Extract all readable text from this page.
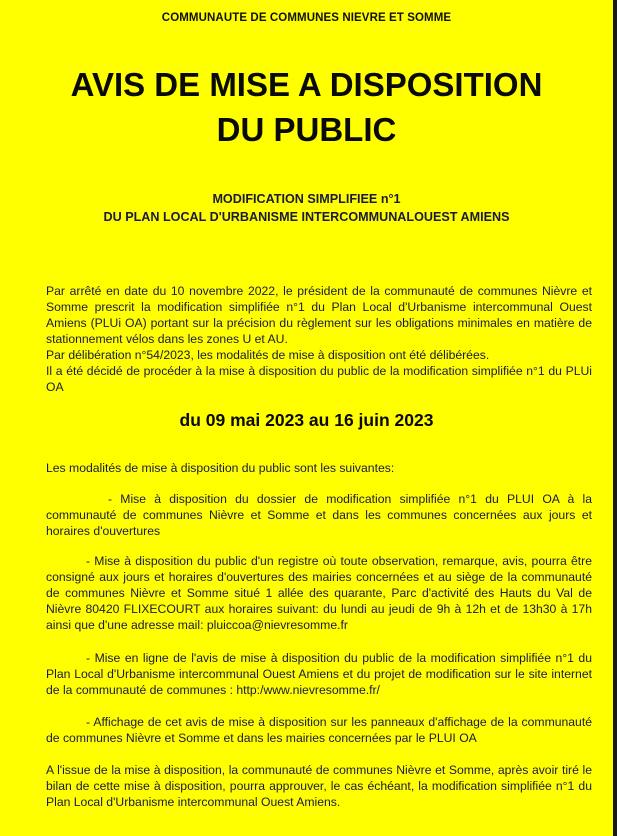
COMMUNAUTE DE COMMUNES NIEVRE ET SOMME
AVIS DE MISE A DISPOSITION
DU PUBLIC
MODIFICATION SIMPLIFIEE n°1
DU PLAN LOCAL D'URBANISME INTERCOMMUNALOUEST AMIENS

Par arrêté en date du 10 novembre 2022, le président de la communauté de communes Nièvre et Somme prescrit la modification simplifiée n°1 du Plan Local d'Urbanisme intercommunal Ouest Amiens (PLUi OA) portant sur la précision du règlement sur les obligations minimales en matière de stationnement vélos dans les zones U et AU.

Par délibération n°54/2023, les modalités de mise à disposition ont été délibérées.

Il a été décidé de procéder à la mise à disposition du public de la modification simplifiée n°1 du PLUi OA

du 09 mai 2023 au 16 juin 2023
Les modalités de mise à disposition du public sont les suivantes:
- Mise à disposition du dossier de modification simplifiée n°1 du PLUI OA à la communauté de communes Nièvre et Somme et dans les communes concernées aux jours et horaires d'ouvertures
- Mise à disposition du public d'un registre où toute observation, remarque, avis, pourra être consigné aux jours et horaires d'ouvertures des mairies concernées et au siège de la communauté de communes Nièvre et Somme situé 1 allée des quarante, Parc d'activité des Hauts du Val de Nièvre 80420 FLIXECOURT aux horaires suivant: du lundi au jeudi de 9h à 12h et de 13h30 à 17h ainsi que d'une adresse mail: pluiccoa@nievresomme.fr
- Mise en ligne de l'avis de mise à disposition du public de la modification simplifiée n°1 du Plan Local d'Urbanisme intercommunal Ouest Amiens et du projet de modification sur le site internet de la communauté de communes : http:/www.nievresomme.fr/
- Affichage de cet avis de mise à disposition sur les panneaux d'affichage de la communauté de communes Nièvre et Somme et dans les mairies concernées par le PLUI OA
A l'issue de la mise à disposition, la communauté de communes Nièvre et Somme, après avoir tiré le bilan de cette mise à disposition, pourra approuver, le cas échéant, la modification simplifiée n°1 du Plan Local d'Urbanisme intercommunal Ouest Amiens.
